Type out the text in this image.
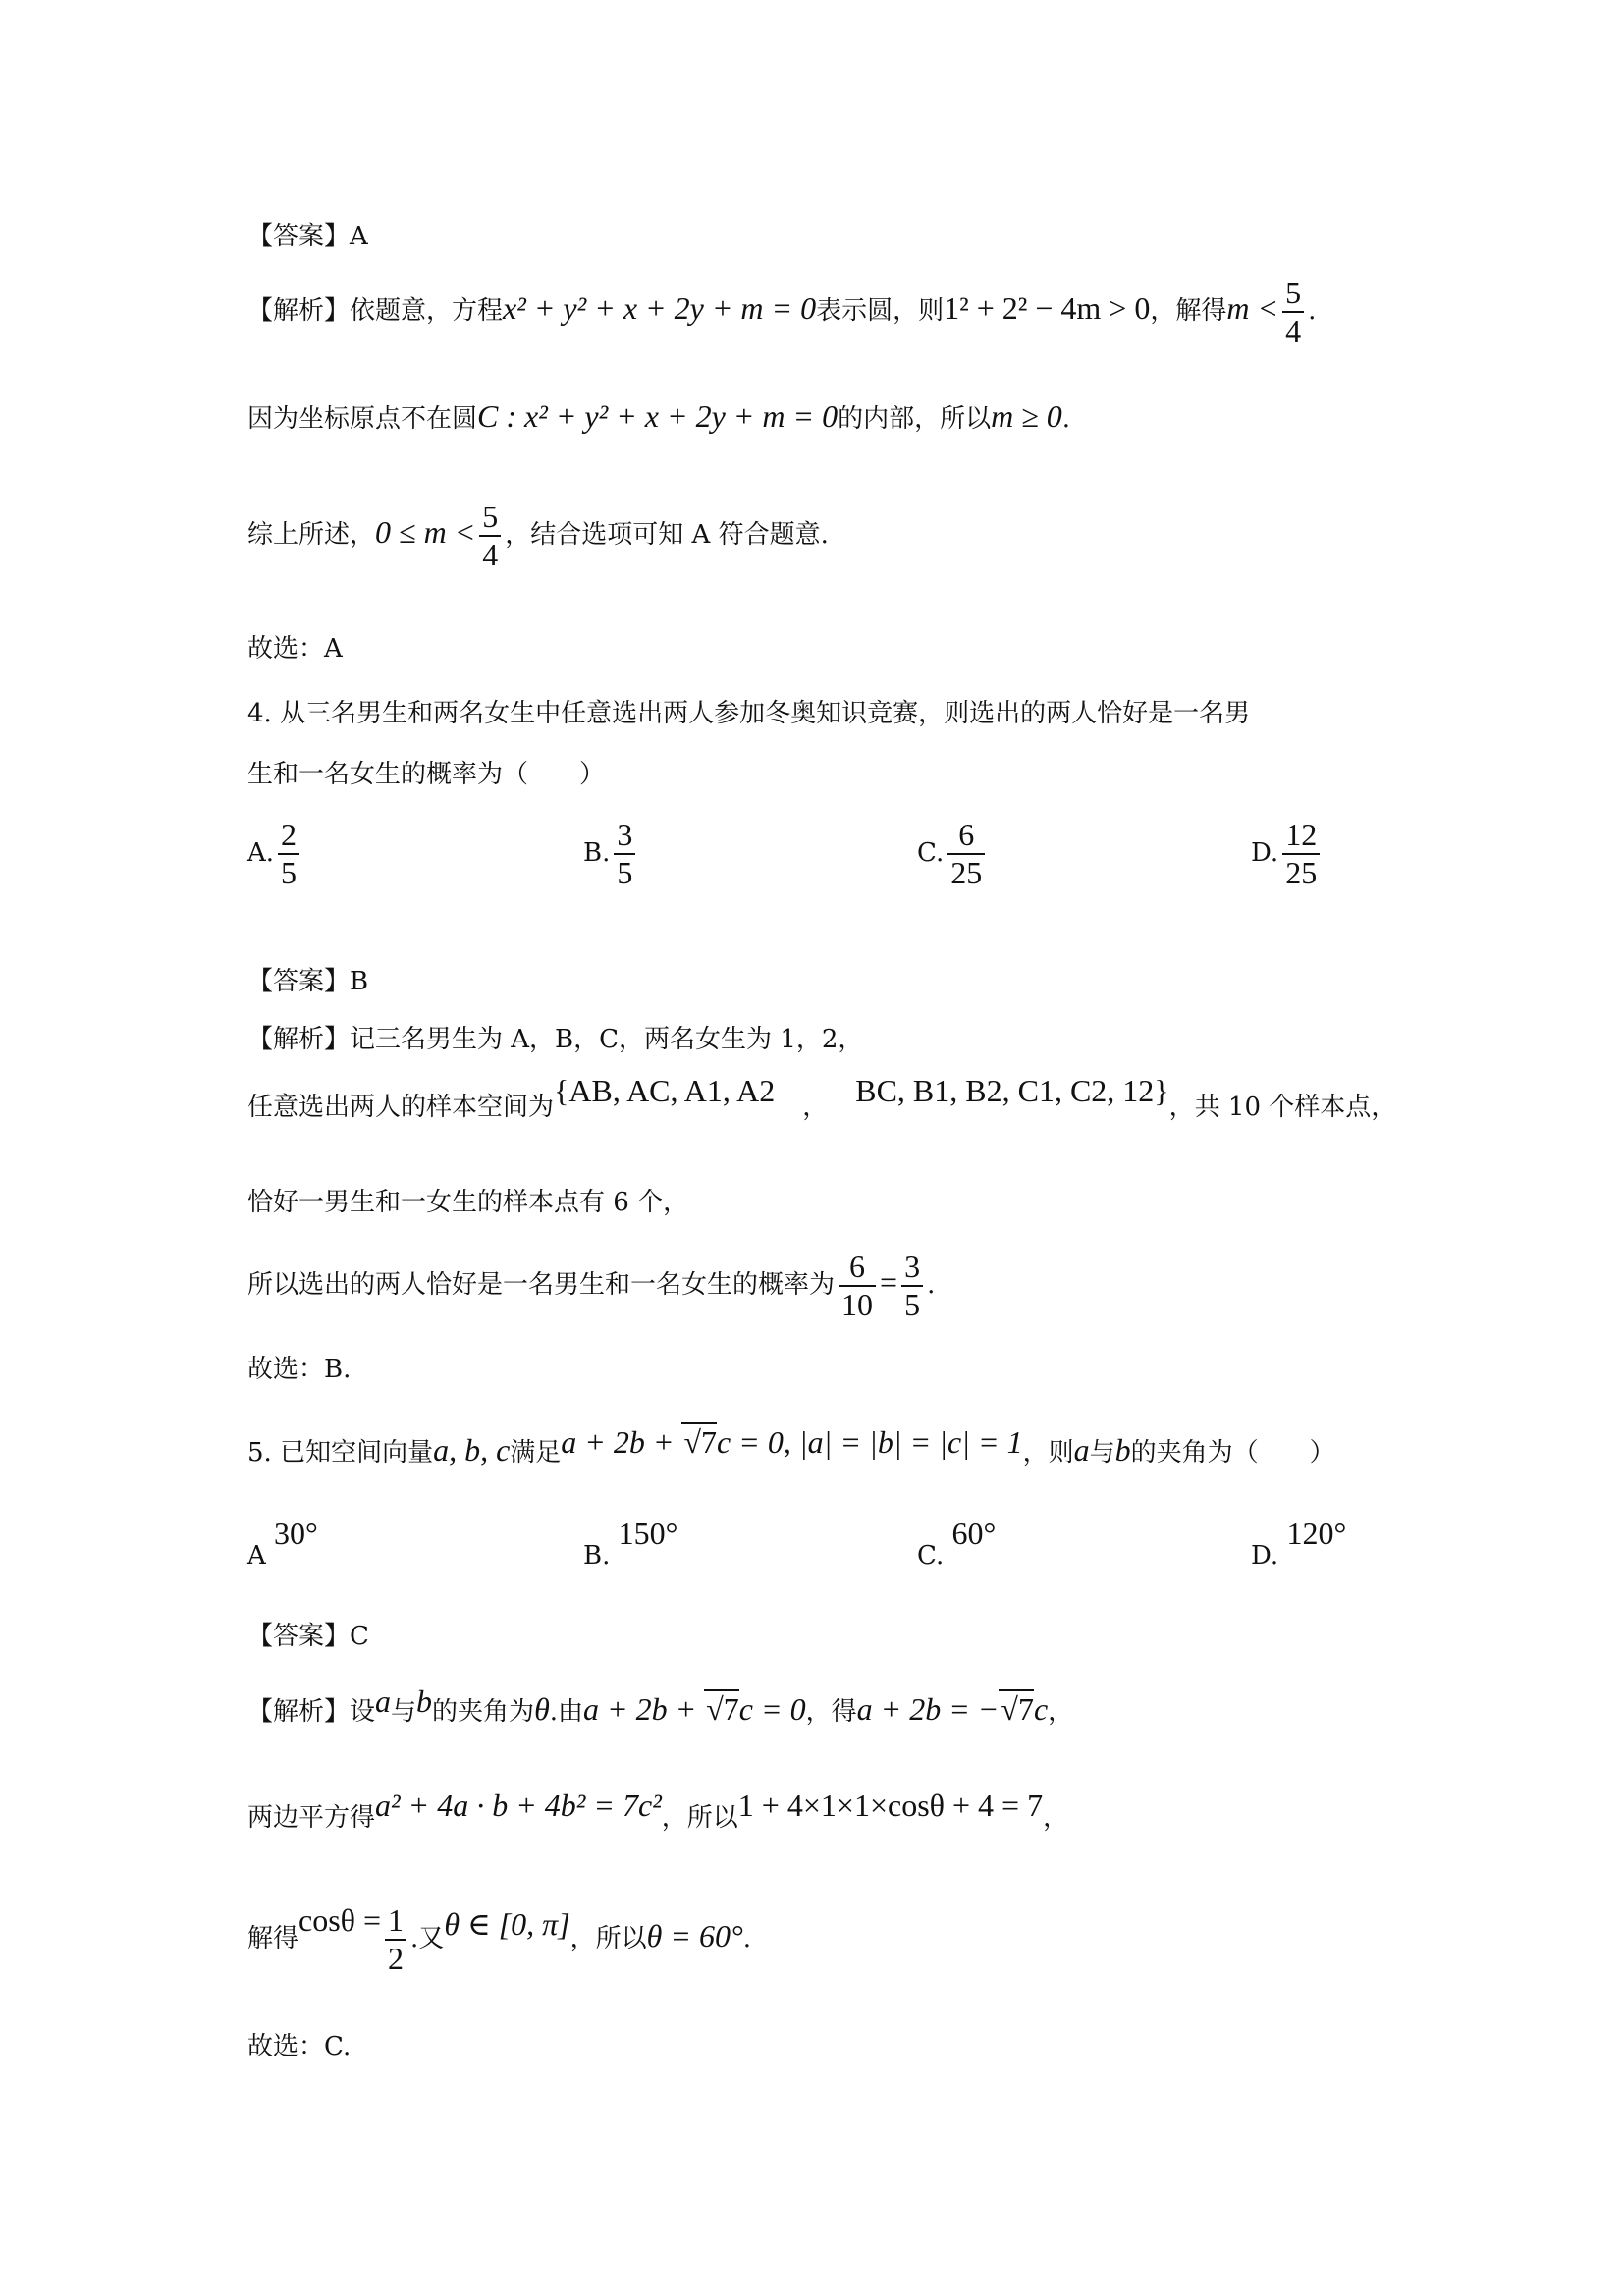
【答案】A
【解析】依题意，方程x² + y² + x + 2y + m = 0表示圆，则1² + 2² − 4m > 0，解得$m < \frac{5}{4}$ .
因为坐标原点不在圆C : x² + y² + x + 2y + m = 0的内部，所以m ≥ 0.
综上所述，$0 \le m < \frac{5}{4}$ ，结合选项可知 A 符合题意.
故选：A
4. 从三名男生和两名女生中任意选出两人参加冬奥知识竞赛，则选出的两人恰好是一名男
生和一名女生的概率为（　　）
A. $\frac{2}{5}$	B. $\frac{3}{5}$	C. $\frac{6}{25}$	D. $\frac{12}{25}$
【答案】B
【解析】记三名男生为 A，B，C，两名女生为 1，2，
任意选出两人的样本空间为{AB, AC, A1, A2 ， BC, B1, B2, C1, C2, 12}，共 10 个样本点，
恰好一男生和一女生的样本点有 6 个，
所以选出的两人恰好是一名男生和一名女生的概率为 $\frac{6}{10} = \frac{3}{5}$ .
故选：B.
5. 已知空间向量a, b, c满足a + 2b + √7c = 0, |a| = |b| = |c| = 1，则a与b的夹角为（　　）
A 30°
B. 150°
C. 60°
D. 120°
【答案】C
【解析】设a与b的夹角为θ.由a + 2b + √7c = 0，得a + 2b = −√7c，
两边平方得a² + 4a · b + 4b² = 7c²，所以1 + 4×1×1×cosθ + 4 = 7，
解得$\cos\theta = \frac{1}{2}$ .又θ ∈ [0, π]，所以θ = 60°.
故选：C.
